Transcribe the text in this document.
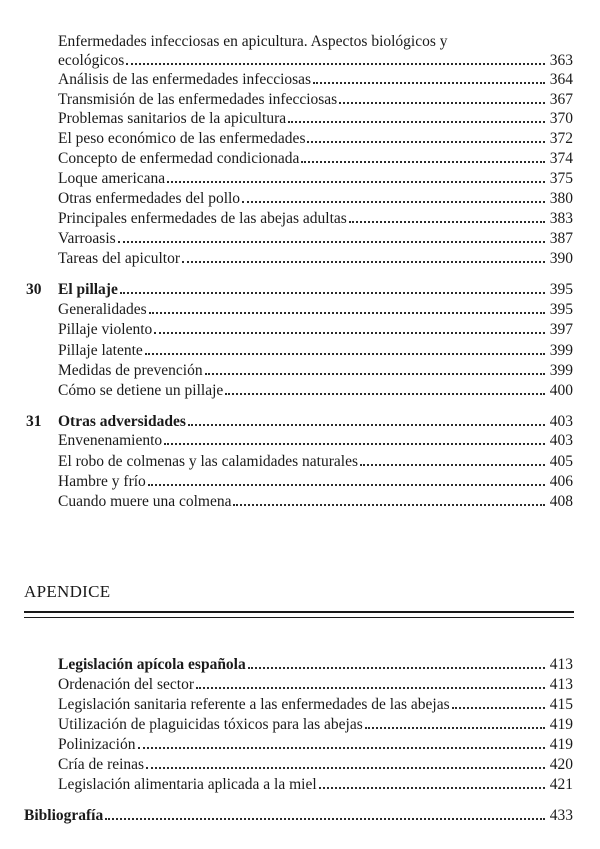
Enfermedades infecciosas en apicultura. Aspectos biológicos y
ecológicos	363
Análisis de las enfermedades infecciosas	364
Transmisión de las enfermedades infecciosas	367
Problemas sanitarios de la apicultura	370
El peso económico de las enfermedades	372
Concepto de enfermedad condicionada	374
Loque americana	375
Otras enfermedades del pollo	380
Principales enfermedades de las abejas adultas	383
Varroasis	387
Tareas del apicultor	390
30	El pillaje	395
Generalidades	395
Pillaje violento	397
Pillaje latente	399
Medidas de prevención	399
Cómo se detiene un pillaje	400
31	Otras adversidades	403
Envenenamiento	403
El robo de colmenas y las calamidades naturales	405
Hambre y frío	406
Cuando muere una colmena	408
APENDICE
Legislación apícola española	413
Ordenación del sector	413
Legislación sanitaria referente a las enfermedades de las abejas	415
Utilización de plaguicidas tóxicos para las abejas	419
Polinización	419
Cría de reinas	420
Legislación alimentaria aplicada a la miel	421
Bibliografía	433
